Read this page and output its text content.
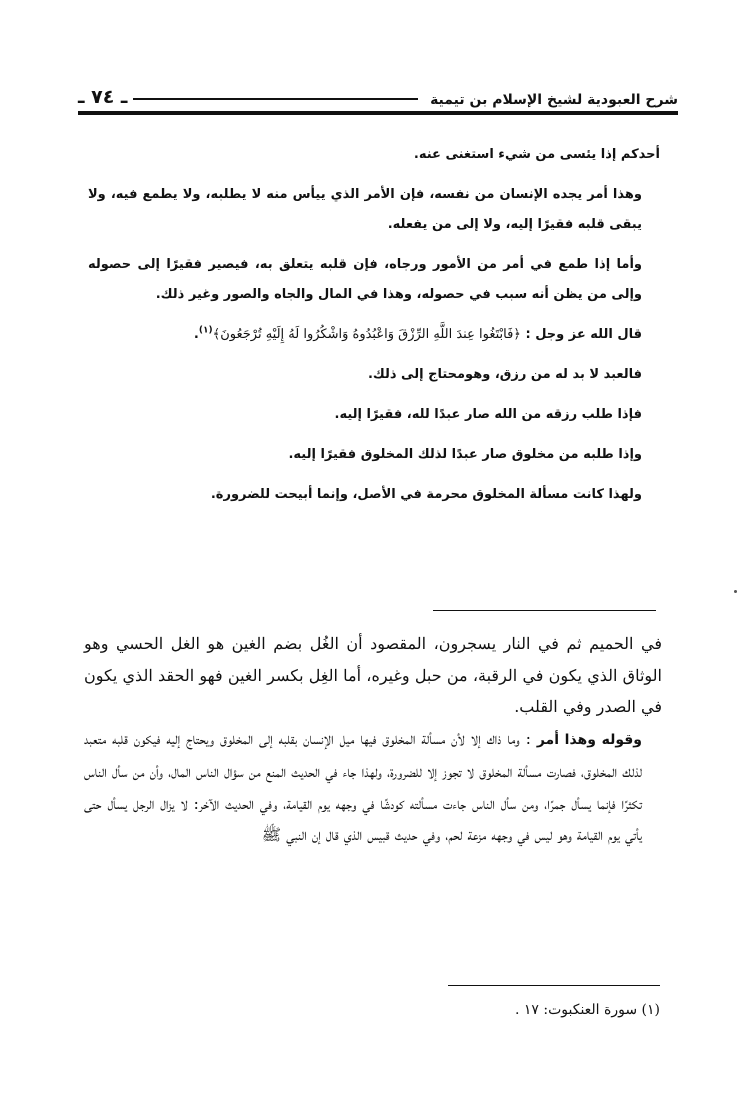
شرح العبودية لشيخ الإسلام بن تيمية
ـ ٧٤ ـ

أحدكم إذا يئسى من شيء استغنى عنه.

وهذا أمر يجده الإنسان من نفسه، فإن الأمر الذي ييأس منه لا يطلبه، ولا يطمع فيه، ولا يبقى قلبه فقيرًا إليه، ولا إلى من يفعله.

وأما إذا طمع في أمر من الأمور ورجاه، فإن قلبه يتعلق به، فيصير فقيرًا إلى حصوله وإلى من يظن أنه سبب في حصوله، وهذا في المال والجاه والصور وغير ذلك.

قال الله عز وجل : ﴿فَابْتَغُوا عِندَ اللَّهِ الرِّزْقَ وَاعْبُدُوهُ وَاشْكُرُوا لَهُ إِلَيْهِ تُرْجَعُونَ﴾$^{(١)}$.

فالعبد لا بد له من رزق، وهومحتاج إلى ذلك.

فإذا طلب رزقه من الله صار عبدًا لله، فقيرًا إليه.

وإذا طلبه من مخلوق صار عبدًا لذلك المخلوق فقيرًا إليه.

ولهذا كانت مسألة المخلوق محرمة في الأصل، وإنما أبيحت للضرورة.

في الحميم ثم في النار يسجرون، المقصود أن الغُل بضم الغين هو الغل الحسي وهو الوثاق الذي يكون في الرقبة، من حبل وغيره، أما الغِل بكسر الغين فهو الحقد الذي يكون في الصدر وفي القلب.

وقوله وهذا أمر : وما ذاك إلا لأن مسألة المخلوق فيها ميل الإنسان بقلبه إلى المخلوق ويحتاج إليه فيكون قلبه متعبد لذلك المخلوق، فصارت مسألة المخلوق لا تجوز إلا للضرورة، ولهذا جاء في الحديث المنع من سؤال الناس المال، وأن من سأل الناس تكثرًا فإنما يسأل جمرًا، ومن سأل الناس جاءت مسألته كودشًا في وجهه يوم القيامة، وفي الحديث الآخر: لا يزال الرجل يسأل حتى يأتي يوم القيامة وهو ليس في وجهه مزعة لحم، وفي حديث قبيس الذي قال إن النبي ﷺ

(١) سورة العنكبوت: ١٧ .
